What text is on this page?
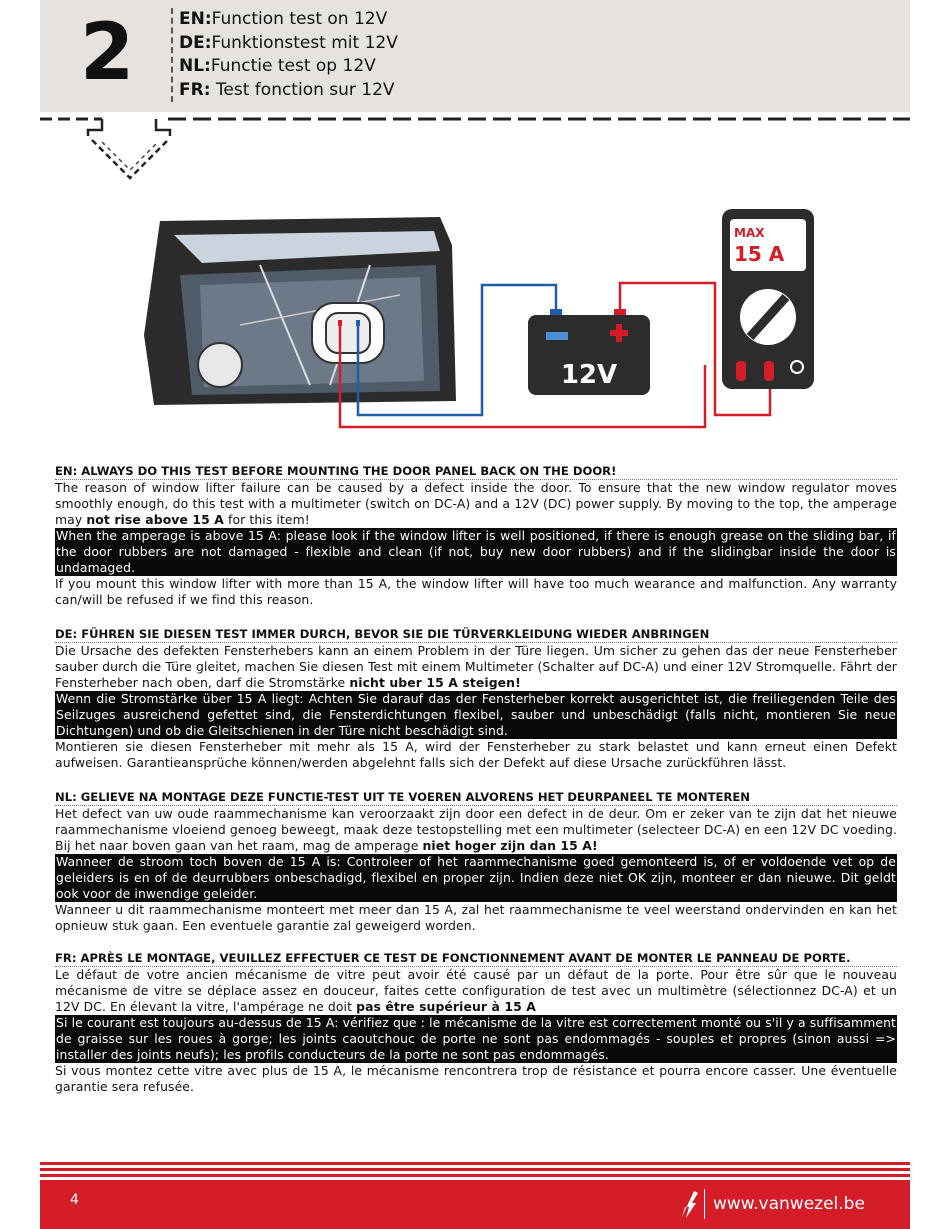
2	EN:Function test on 12V
DE:Funktionstest mit 12V
NL:Functie test op 12V
FR: Test fonction sur 12V
12V
MAX
15 A
EN: ALWAYS DO THIS TEST BEFORE MOUNTING THE DOOR PANEL BACK ON THE DOOR!
The reason of window lifter failure can be caused by a defect inside the door. To ensure that the new window regulator moves smoothly enough, do this test with a multimeter (switch on DC-A) and a 12V (DC) power supply. By moving to the top, the amperage may not rise above 15 A for this item!
When the amperage is above 15 A: please look if the window lifter is well positioned, if there is enough grease on the sliding bar, if the door rubbers are not damaged - flexible and clean (if not, buy new door rubbers) and if the slidingbar inside the door is undamaged.
If you mount this window lifter with more than 15 A, the window lifter will have too much wearance and malfunction. Any warranty can/will be refused if we find this reason.
DE: FÜHREN SIE DIESEN TEST IMMER DURCH, BEVOR SIE DIE TÜRVERKLEIDUNG WIEDER ANBRINGEN
Die Ursache des defekten Fensterhebers kann an einem Problem in der Türe liegen. Um sicher zu gehen das der neue Fensterheber sauber durch die Türe gleitet, machen Sie diesen Test mit einem Multimeter (Schalter auf DC-A) und einer 12V Stromquelle. Fährt der Fensterheber nach oben, darf die Stromstärke nicht uber 15 A steigen!
Wenn die Stromstärke über 15 A liegt: Achten Sie darauf das der Fensterheber korrekt ausgerichtet ist, die freiliegenden Teile des Seilzuges ausreichend gefettet sind, die Fensterdichtungen flexibel, sauber und unbeschädigt (falls nicht, montieren Sie neue Dichtungen) und ob die Gleitschienen in der Türe nicht beschädigt sind.
Montieren sie diesen Fensterheber mit mehr als 15 A, wird der Fensterheber zu stark belastet und kann erneut einen Defekt aufweisen. Garantieansprüche können/werden abgelehnt falls sich der Defekt auf diese Ursache zurückführen lässt.
NL: GELIEVE NA MONTAGE DEZE FUNCTIE-TEST UIT TE VOEREN ALVORENS HET DEURPANEEL TE MONTEREN
Het defect van uw oude raammechanisme kan veroorzaakt zijn door een defect in de deur. Om er zeker van te zijn dat het nieuwe raammechanisme vloeiend genoeg beweegt, maak deze testopstelling met een multimeter (selecteer DC-A) en een 12V DC voeding. Bij het naar boven gaan van het raam, mag de amperage niet hoger zijn dan 15 A!
Wanneer de stroom toch boven de 15 A is: Controleer of het raammechanisme goed gemonteerd is, of er voldoende vet op de geleiders is en of de deurrubbers onbeschadigd, flexibel en proper zijn. Indien deze niet OK zijn, monteer er dan nieuwe. Dit geldt ook voor de inwendige geleider.
Wanneer u dit raammechanisme monteert met meer dan 15 A, zal het raammechanisme te veel weerstand ondervinden en kan het opnieuw stuk gaan. Een eventuele garantie zal geweigerd worden.
FR: APRÈS LE MONTAGE, VEUILLEZ EFFECTUER CE TEST DE FONCTIONNEMENT AVANT DE MONTER LE PANNEAU DE PORTE.
Le défaut de votre ancien mécanisme de vitre peut avoir été causé par un défaut de la porte. Pour être sûr que le nouveau mécanisme de vitre se déplace assez en douceur, faites cette configuration de test avec un multimètre (sélectionnez DC-A) et un 12V DC. En élevant la vitre, l'ampérage ne doit pas être supérieur à 15 A
Si le courant est toujours au-dessus de 15 A: vérifiez que : le mécanisme de la vitre est correctement monté ou s'il y a suffisamment de graisse sur les roues à gorge; les joints caoutchouc de porte ne sont pas endommagés - souples et propres (sinon aussi => installer des joints neufs); les profils conducteurs de la porte ne sont pas endommagés.
Si vous montez cette vitre avec plus de 15 A, le mécanisme rencontrera trop de résistance et pourra encore casser. Une éventuelle garantie sera refusée.
4	www.vanwezel.be
